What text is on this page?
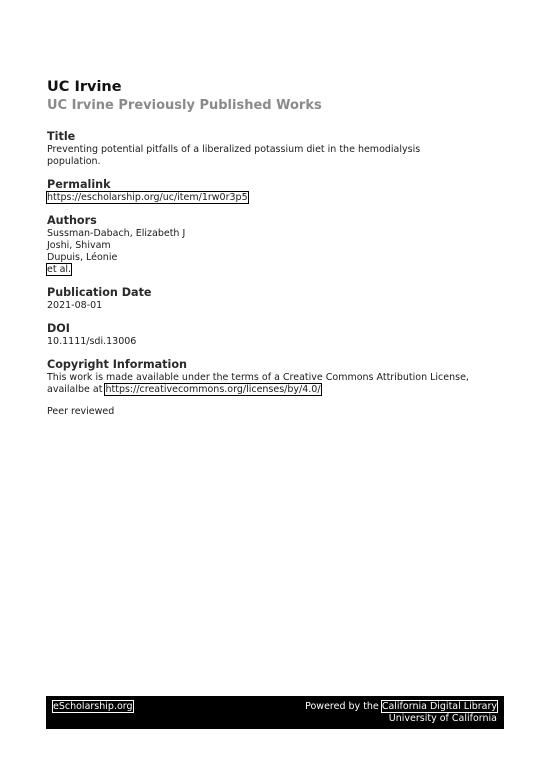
UC Irvine
UC Irvine Previously Published Works
Title
Preventing potential pitfalls of a liberalized potassium diet in the hemodialysis
population.
Permalink
https://escholarship.org/uc/item/1rw0r3p5
Authors
Sussman-Dabach, Elizabeth J
Joshi, Shivam
Dupuis, Léonie
et al.
Publication Date
2021-08-01
DOI
10.1111/sdi.13006
Copyright Information
This work is made available under the terms of a Creative Commons Attribution License,
availalbe at https://creativecommons.org/licenses/by/4.0/
Peer reviewed
eScholarship.org	Powered by the California Digital Library
University of California
